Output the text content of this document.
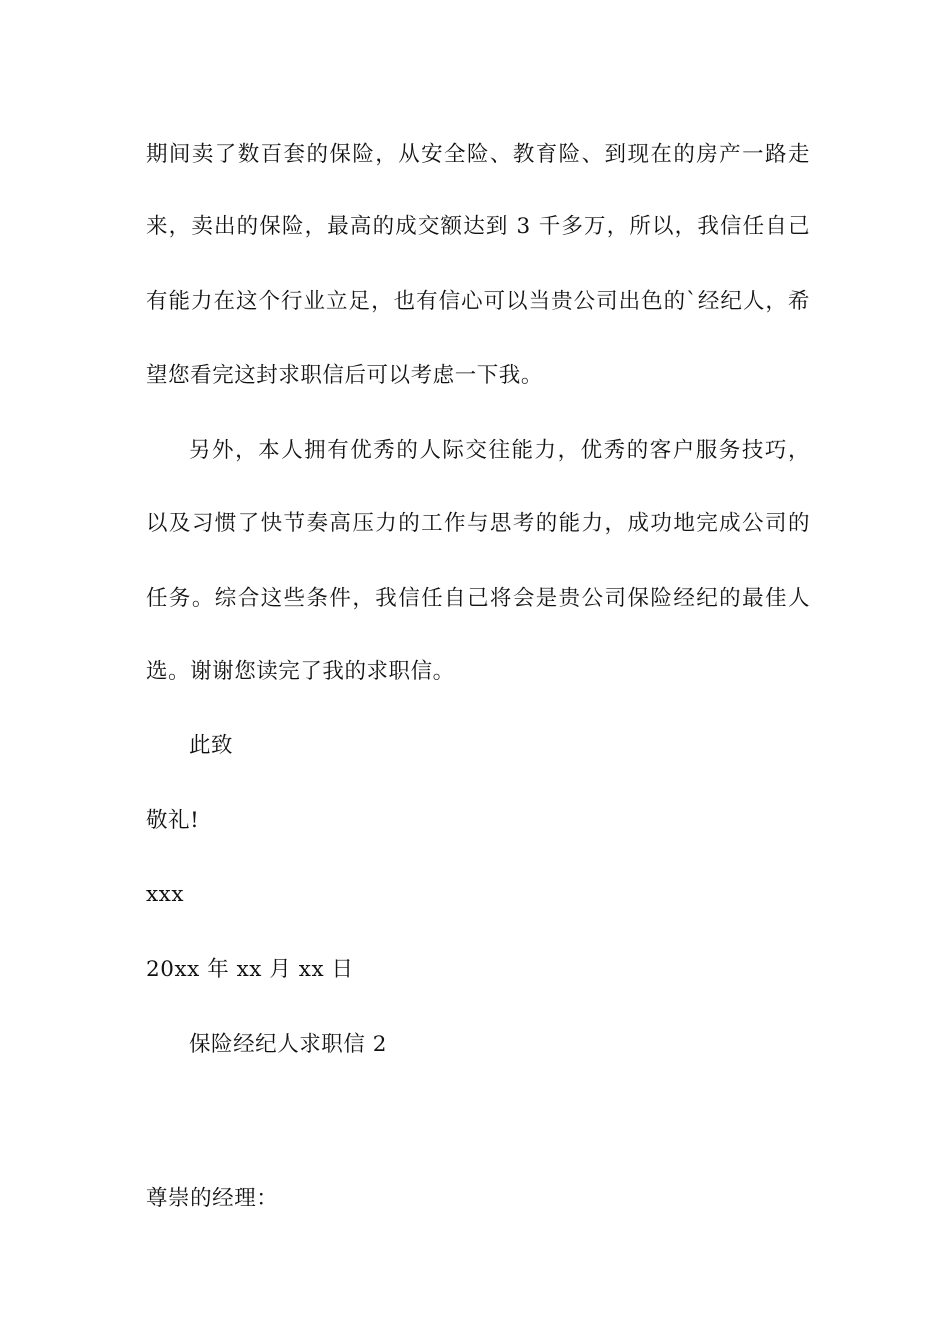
期间卖了数百套的保险，从安全险、教育险、到现在的房产一路走

来，卖出的保险，最高的成交额达到 3 千多万，所以，我信任自己

有能力在这个行业立足，也有信心可以当贵公司出色的`经纪人，希

望您看完这封求职信后可以考虑一下我。

另外，本人拥有优秀的人际交往能力，优秀的客户服务技巧，

以及习惯了快节奏高压力的工作与思考的能力，成功地完成公司的

任务。综合这些条件，我信任自己将会是贵公司保险经纪的最佳人

选。谢谢您读完了我的求职信。

此致

敬礼!

xxx

20xx 年 xx 月 xx 日

保险经纪人求职信 2

尊崇的经理：
